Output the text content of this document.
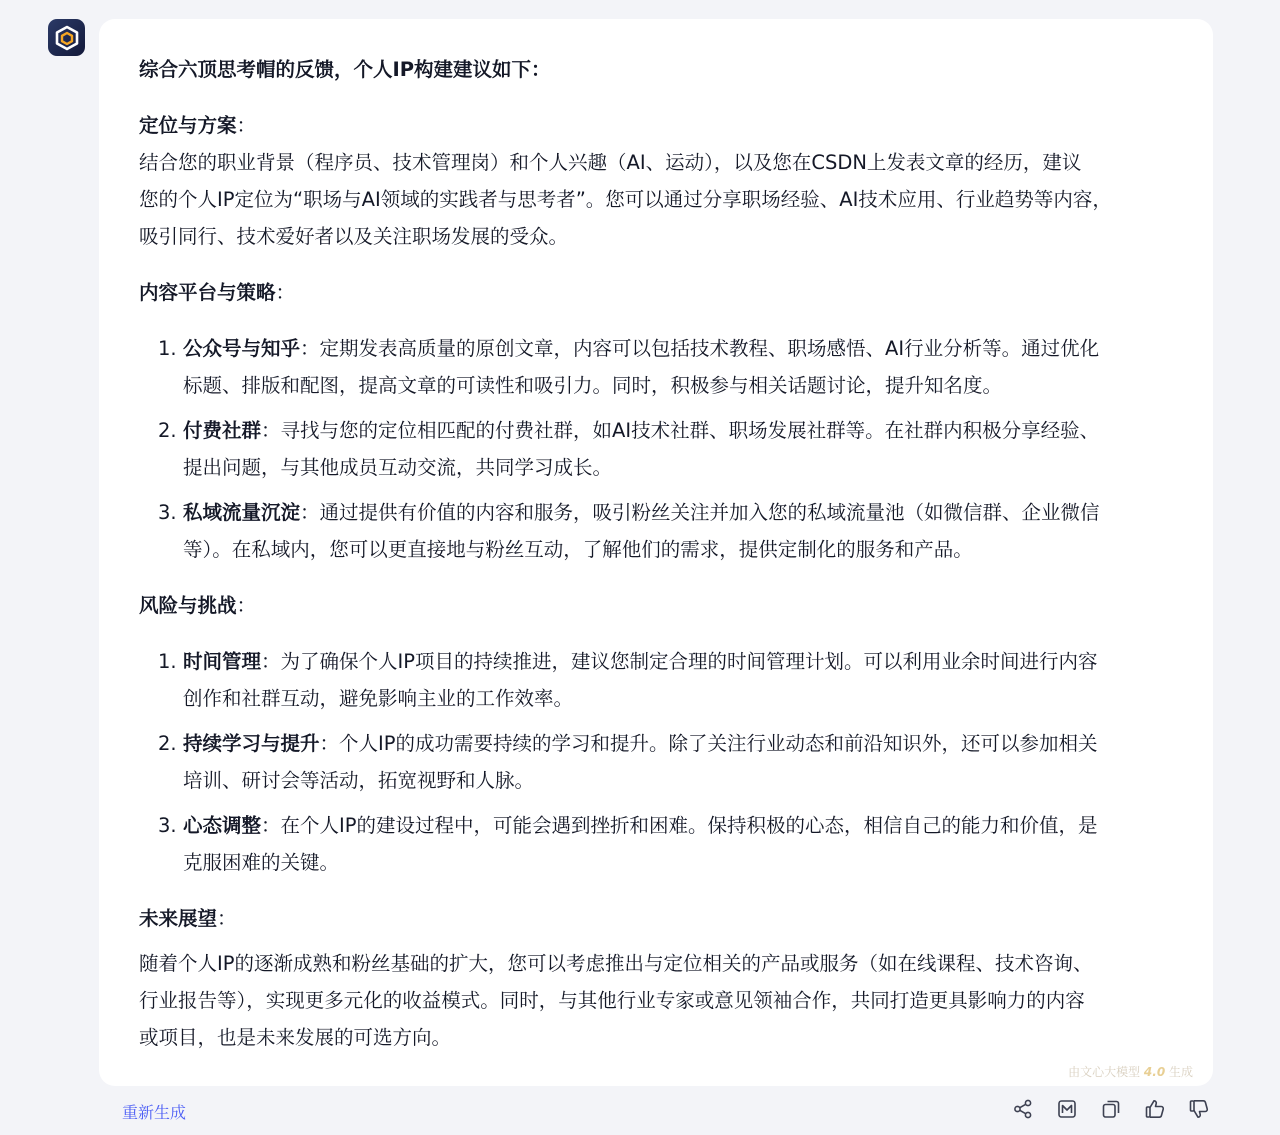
综合六顶思考帽的反馈，个人IP构建建议如下：
定位与方案：
结合您的职业背景（程序员、技术管理岗）和个人兴趣（AI、运动），以及您在CSDN上发表文章的经历，建议
您的个人IP定位为“职场与AI领域的实践者与思考者”。您可以通过分享职场经验、AI技术应用、行业趋势等内容，
吸引同行、技术爱好者以及关注职场发展的受众。
内容平台与策略：
1. 公众号与知乎：定期发表高质量的原创文章，内容可以包括技术教程、职场感悟、AI行业分析等。通过优化
标题、排版和配图，提高文章的可读性和吸引力。同时，积极参与相关话题讨论，提升知名度。
2. 付费社群：寻找与您的定位相匹配的付费社群，如AI技术社群、职场发展社群等。在社群内积极分享经验、
提出问题，与其他成员互动交流，共同学习成长。
3. 私域流量沉淀：通过提供有价值的内容和服务，吸引粉丝关注并加入您的私域流量池（如微信群、企业微信
等）。在私域内，您可以更直接地与粉丝互动，了解他们的需求，提供定制化的服务和产品。
风险与挑战：
1. 时间管理：为了确保个人IP项目的持续推进，建议您制定合理的时间管理计划。可以利用业余时间进行内容
创作和社群互动，避免影响主业的工作效率。
2. 持续学习与提升：个人IP的成功需要持续的学习和提升。除了关注行业动态和前沿知识外，还可以参加相关
培训、研讨会等活动，拓宽视野和人脉。
3. 心态调整：在个人IP的建设过程中，可能会遇到挫折和困难。保持积极的心态，相信自己的能力和价值，是
克服困难的关键。
未来展望：
随着个人IP的逐渐成熟和粉丝基础的扩大，您可以考虑推出与定位相关的产品或服务（如在线课程、技术咨询、
行业报告等），实现更多元化的收益模式。同时，与其他行业专家或意见领袖合作，共同打造更具影响力的内容
或项目，也是未来发展的可选方向。
由文心大模型 4.0 生成
重新生成
